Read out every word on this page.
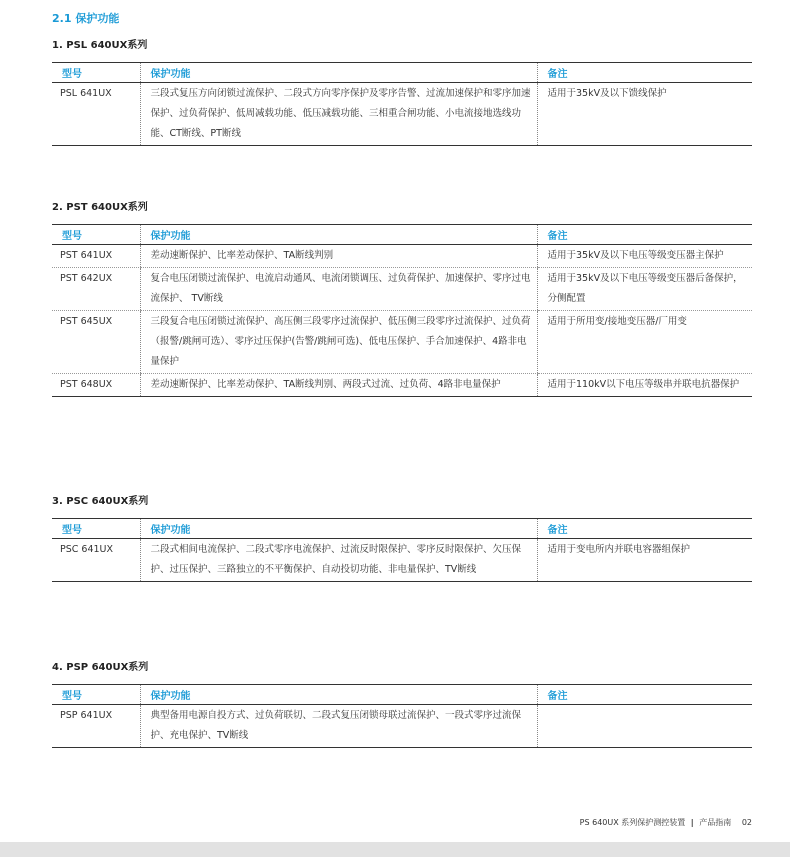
2.1 保护功能
1. PSL 640UX系列
型号	保护功能	备注
PSL 641UX	三段式复压方向闭锁过流保护、二段式方向零序保护及零序告警、过流加速保护和零序加速保护、过负荷保护、低周减载功能、低压减载功能、三相重合闸功能、小电流接地选线功能、CT断线、PT断线	适用于35kV及以下馈线保护
2. PST 640UX系列
型号	保护功能	备注
PST 641UX	差动速断保护、比率差动保护、TA断线判别	适用于35kV及以下电压等级变压器主保护
PST 642UX	复合电压闭锁过流保护、电流启动通风、电流闭锁调压、过负荷保护、加速保护、零序过电流保护、 TV断线	适用于35kV及以下电压等级变压器后备保护，分侧配置
PST 645UX	三段复合电压闭锁过流保护、高压侧三段零序过流保护、低压侧三段零序过流保护、过负荷（报警/跳闸可选）、零序过压保护(告警/跳闸可选)、低电压保护、手合加速保护、4路非电量保护	适用于所用变/接地变压器/厂用变
PST 648UX	差动速断保护、比率差动保护、TA断线判别、两段式过流、过负荷、4路非电量保护	适用于110kV以下电压等级串并联电抗器保护
3. PSC 640UX系列
型号	保护功能	备注
PSC 641UX	二段式相间电流保护、二段式零序电流保护、过流反时限保护、零序反时限保护、欠压保护、过压保护、三路独立的不平衡保护、自动投切功能、非电量保护、TV断线	适用于变电所内并联电容器组保护
4. PSP 640UX系列
型号	保护功能	备注
PSP 641UX	典型备用电源自投方式、过负荷联切、二段式复压闭锁母联过流保护、一段式零序过流保护、充电保护、TV断线	
PS 640UX 系列保护测控装置 | 产品指南 02
